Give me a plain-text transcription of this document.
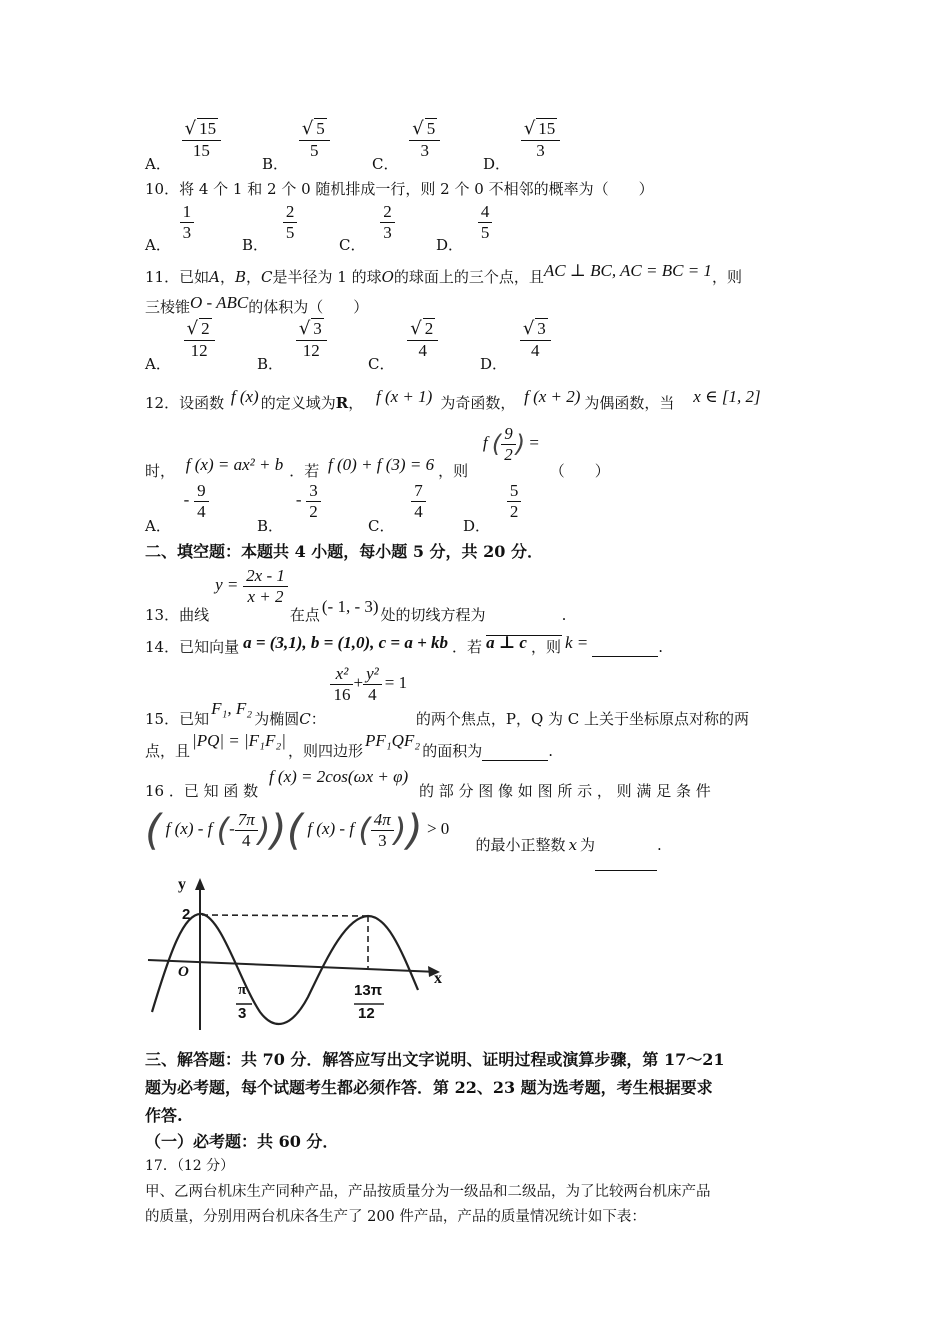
A．
$\frac{√ 15}{15}$
B．
$\frac{√ 5}{5}$
C．
$\frac{√ 5}{3}$
D．
$\frac{√ 15}{3}$
10．将 4 个 1 和 2 个 0 随机排成一行，则 2 个 0 不相邻的概率为（　　）
A．
$\frac{1}{3}$
B．
$\frac{2}{5}$
C．
$\frac{2}{3}$
D．
$\frac{4}{5}$
11．已如A，B，C是半径为 1 的球O的球面上的三个点，且AC ⊥ BC, AC = BC = 1，则
三棱锥O - ABC的体积为（　　）
A．
$\frac{√ 2}{12}$
B．
$\frac{√ 3}{12}$
C．
$\frac{√ 2}{4}$
D．
$\frac{√ 3}{4}$
12．设函数 f (x) 的定义域为R， f (x + 1) 为奇函数， f (x + 2) 为偶函数，当 x ∈ [1, 2]
时， f (x) = ax² + b ．若 f (0) + f (3) = 6 ，则 f ( $\frac{9}{2}$ ) = （　　）
A． - $\frac{9}{4}$
B． - $\frac{3}{2}$
C．
$\frac{7}{4}$
D．
$\frac{5}{2}$
二、填空题：本题共 4 小题，每小题 5 分，共 20 分．
13．曲线$y = \frac{2x - 1}{x + 2}$
在点 (- 1, - 3) 处的切线方程为	.
14．已知向量 a = (3,1), b = (1,0), c = a + kb ．若 a ⊥ c ，则 k =	.
15．已知F₁, F₂为椭圆C：
$\frac{\text{x²}}{16} + \frac{\text{y²}}{4} = 1$ 的两个焦点，P，Q 为 C 上关于坐标原点对称的两
点，且|PQ| = |F₁F₂|，则四边形PF₁QF₂的面积为	.
16 ．已 知 函 数 f (x) = 2cos(ωx + φ) 的 部 分 图 像 如 图 所 示 ， 则 满 足 条 件
( f (x) - f (- $\frac{7\pi}{4}$ ))( f (x) - f ( $\frac{4\pi}{3}$ )) > 0 的最小正整数 x 为	.
y
x
O
2
π
3
13π
12
三、解答题：共 70 分．解答应写出文字说明、证明过程或演算步骤，第 17～21
题为必考题，每个试题考生都必须作答．第 22、23 题为选考题，考生根据要求
作答.
（一）必考题：共 60 分．
17．（12 分）
甲、乙两台机床生产同种产品，产品按质量分为一级品和二级品，为了比较两台机床产品
的质量，分别用两台机床各生产了 200 件产品，产品的质量情况统计如下表：
